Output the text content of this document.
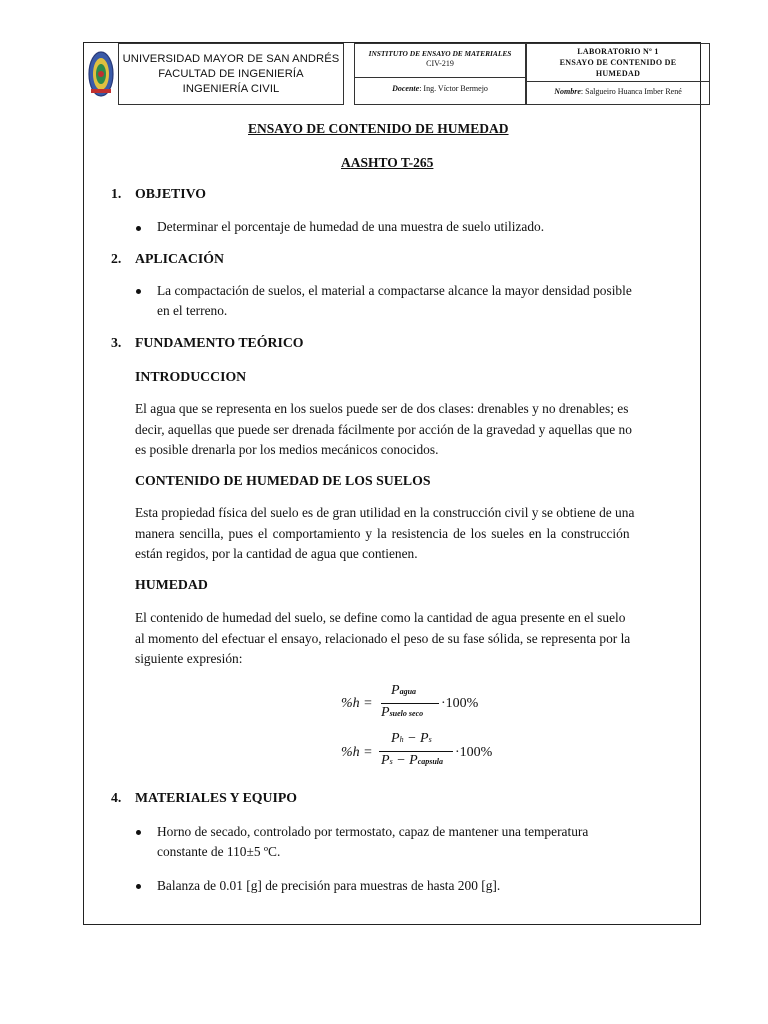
UNIVERSIDAD MAYOR DE SAN ANDRÉS
FACULTAD DE INGENIERÍA
INGENIERÍA CIVIL
INSTITUTO DE ENSAYO DE MATERIALES
CIV-219
Docente: Ing. Víctor Bermejo
LABORATORIO Nº 1
ENSAYO DE CONTENIDO DE
HUMEDAD
Nombre: Salgueiro Huanca Imber René
ENSAYO DE CONTENIDO DE HUMEDAD
AASHTO T-265
1. OBJETIVO
Determinar el porcentaje de humedad de una muestra de suelo utilizado.
2. APLICACIÓN
La compactación de suelos, el material a compactarse alcance la mayor densidad posible
en el terreno.
3. FUNDAMENTO TEÓRICO
INTRODUCCION
El agua que se representa en los suelos puede ser de dos clases: drenables y no drenables; es
decir, aquellas que puede ser drenada fácilmente por acción de la gravedad y aquellas que no
es posible drenarla por los medios mecánicos conocidos.
CONTENIDO DE HUMEDAD DE LOS SUELOS
Esta propiedad física del suelo es de gran utilidad en la construcción civil y se obtiene de una
manera sencilla, pues el comportamiento y la resistencia de los sueles en la construcción
están regidos, por la cantidad de agua que contienen.
HUMEDAD
El contenido de humedad del suelo, se define como la cantidad de agua presente en el suelo
al momento del efectuar el ensayo, relacionado el peso de su fase sólida, se representa por la
siguiente expresión:
%h =
Pagua
Psuelo seco
·100%
%h =
Ph − Ps
Ps − Pcapsula
·100%
4. MATERIALES Y EQUIPO
Horno de secado, controlado por termostato, capaz de mantener una temperatura
constante de 110±5 ºC.
Balanza de 0.01 [g] de precisión para muestras de hasta 200 [g].
